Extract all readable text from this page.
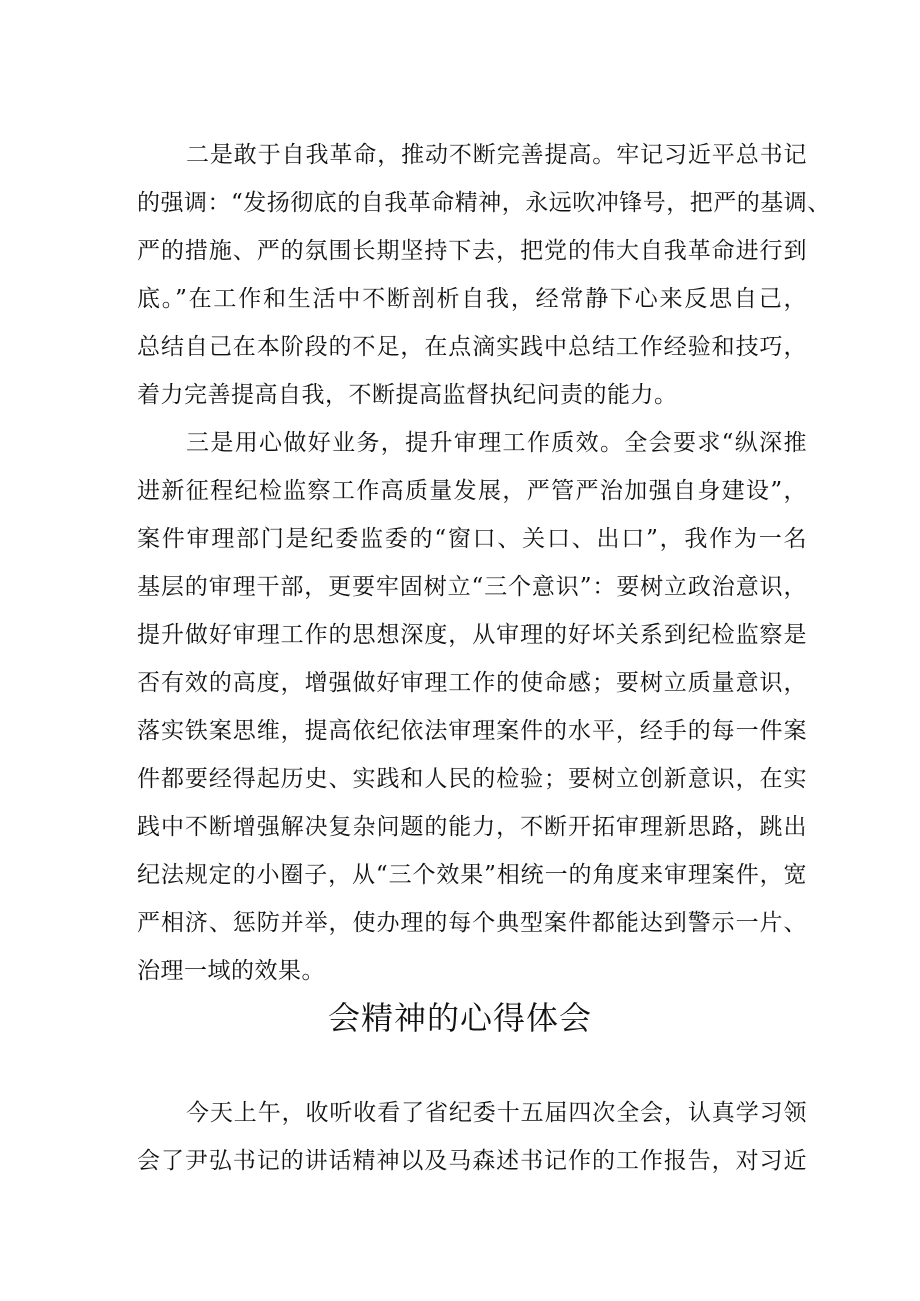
二是敢于自我革命，推动不断完善提高。牢记习近平总书记

的强调：“发扬彻底的自我革命精神，永远吹冲锋号，把严的基调、

严的措施、严的氛围长期坚持下去，把党的伟大自我革命进行到

底。”在工作和生活中不断剖析自我，经常静下心来反思自己，

总结自己在本阶段的不足，在点滴实践中总结工作经验和技巧，

着力完善提高自我，不断提高监督执纪问责的能力。

三是用心做好业务，提升审理工作质效。全会要求“纵深推

进新征程纪检监察工作高质量发展，严管严治加强自身建设”，

案件审理部门是纪委监委的“窗口、关口、出口”，我作为一名

基层的审理干部，更要牢固树立“三个意识”：要树立政治意识，

提升做好审理工作的思想深度，从审理的好坏关系到纪检监察是

否有效的高度，增强做好审理工作的使命感；要树立质量意识，

落实铁案思维，提高依纪依法审理案件的水平，经手的每一件案

件都要经得起历史、实践和人民的检验；要树立创新意识，在实

践中不断增强解决复杂问题的能力，不断开拓审理新思路，跳出

纪法规定的小圈子，从“三个效果”相统一的角度来审理案件，宽

严相济、惩防并举，使办理的每个典型案件都能达到警示一片、

治理一域的效果。

会精神的心得体会

今天上午，收听收看了省纪委十五届四次全会，认真学习领

会了尹弘书记的讲话精神以及马森述书记作的工作报告，对习近
